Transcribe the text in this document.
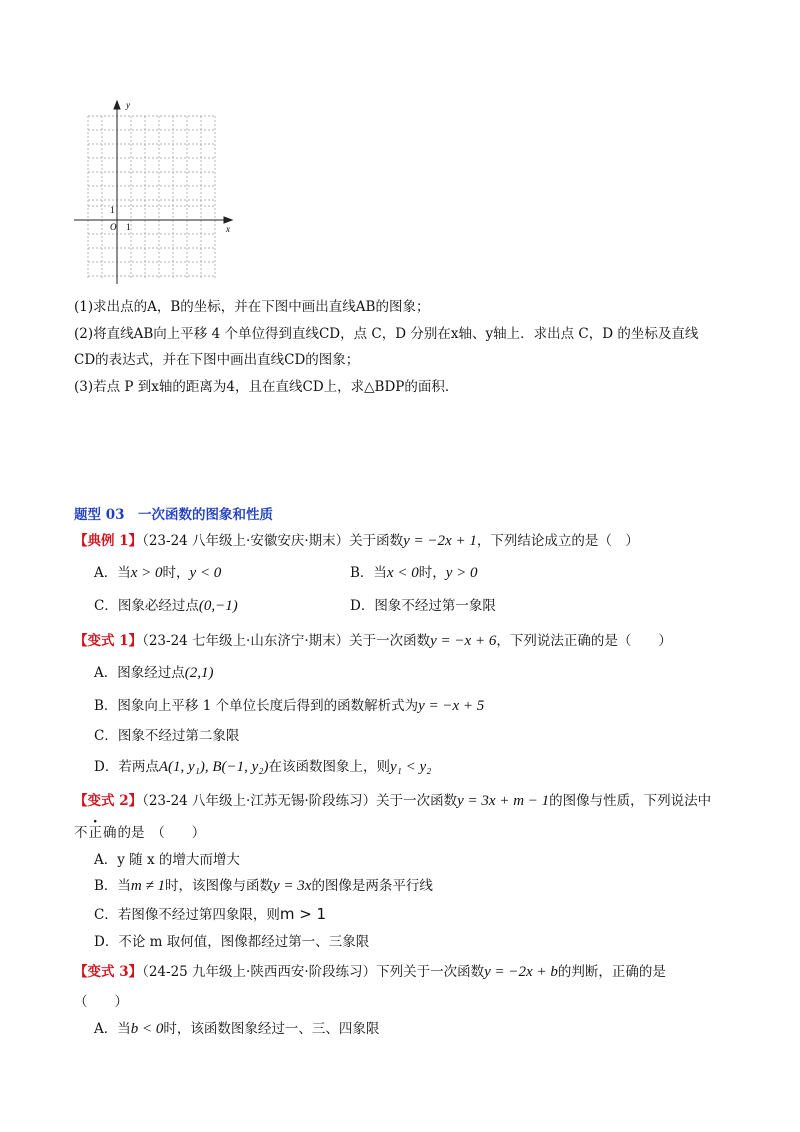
y
x
O 1
1
(1)求出点的A，B的坐标，并在下图中画出直线AB的图象；
(2)将直线AB向上平移 4 个单位得到直线CD，点 C，D 分别在x轴、y轴上．求出点 C，D 的坐标及直线
CD的表达式，并在下图中画出直线CD的图象；
(3)若点 P 到x轴的距离为4，且在直线CD上，求△BDP的面积．
题型 03　一次函数的图象和性质
【典例 1】（23-24 八年级上·安徽安庆·期末）关于函数y = −2x + 1，下列结论成立的是（　）
A．当x > 0时，y < 0	B．当x < 0时，y > 0
C．图象必经过点(0,−1)	D．图象不经过第一象限
【变式 1】（23-24 七年级上·山东济宁·期末）关于一次函数y = −x + 6，下列说法正确的是（　　）
A．图象经过点(2,1)
B．图象向上平移 1 个单位长度后得到的函数解析式为y = −x + 5
C．图象不经过第二象限
D．若两点A(1, y₁), B(−1, y₂)在该函数图象上，则y₁ < y₂
【变式 2】（23-24 八年级上·江苏无锡·阶段练习）关于一次函数y = 3x + m − 1的图像与性质，下列说法中
不正确的是　（　　）
A．y 随 x 的增大而增大
B．当m ≠ 1时，该图像与函数y = 3x的图像是两条平行线
C．若图像不经过第四象限，则m > 1
D．不论 m 取何值，图像都经过第一、三象限
【变式 3】（24-25 九年级上·陕西西安·阶段练习）下列关于一次函数y = −2x + b的判断，正确的是
（　　）
A．当b < 0时，该函数图象经过一、三、四象限
